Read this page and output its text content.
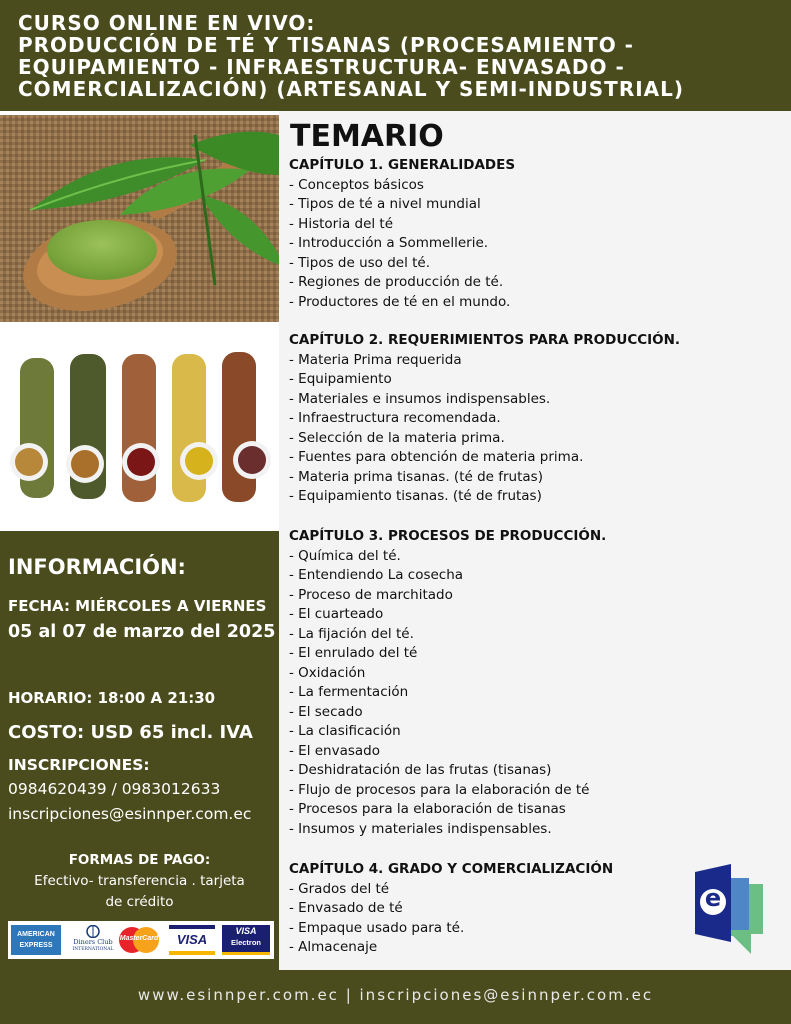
CURSO ONLINE EN VIVO:
PRODUCCIÓN DE TÉ Y TISANAS (PROCESAMIENTO -
EQUIPAMIENTO - INFRAESTRUCTURA- ENVASADO -
COMERCIALIZACIÓN) (ARTESANAL Y SEMI-INDUSTRIAL)
INFORMACIÓN:
FECHA: MIÉRCOLES A VIERNES
05 al 07 de marzo del 2025
HORARIO: 18:00 A 21:30
COSTO: USD 65 incl. IVA
INSCRIPCIONES:
0984620439 / 0983012633
inscripciones@esinnper.com.ec
FORMAS DE PAGO:
Efectivo- transferencia . tarjeta
de crédito
AMERICAN
EXPRESS	Diners Club
INTERNATIONAL
MasterCard	VISA
VISA
Electron
TEMARIO
CAPÍTULO 1. GENERALIDADES
- Conceptos básicos
- Tipos de té a nivel mundial
- Historia del té
- Introducción a Sommellerie.
- Tipos de uso del té.
- Regiones de producción de té.
- Productores de té en el mundo.
CAPÍTULO 2. REQUERIMIENTOS PARA PRODUCCIÓN.
- Materia Prima requerida
- Equipamiento
- Materiales e insumos indispensables.
- Infraestructura recomendada.
- Selección de la materia prima.
- Fuentes para obtención de materia prima.
- Materia prima tisanas. (té de frutas)
- Equipamiento tisanas. (té de frutas)
CAPÍTULO 3. PROCESOS DE PRODUCCIÓN.
- Química del té.
- Entendiendo La cosecha
- Proceso de marchitado
- El cuarteado
- La fijación del té.
- El enrulado del té
- Oxidación
- La fermentación
- El secado
- La clasificación
- El envasado
- Deshidratación de las frutas (tisanas)
- Flujo de procesos para la elaboración de té
- Procesos para la elaboración de tisanas
- Insumos y materiales indispensables.
CAPÍTULO 4. GRADO Y COMERCIALIZACIÓN
- Grados del té
- Envasado de té
- Empaque usado para té.
- Almacenaje
e
www.esinnper.com.ec | inscripciones@esinnper.com.ec
